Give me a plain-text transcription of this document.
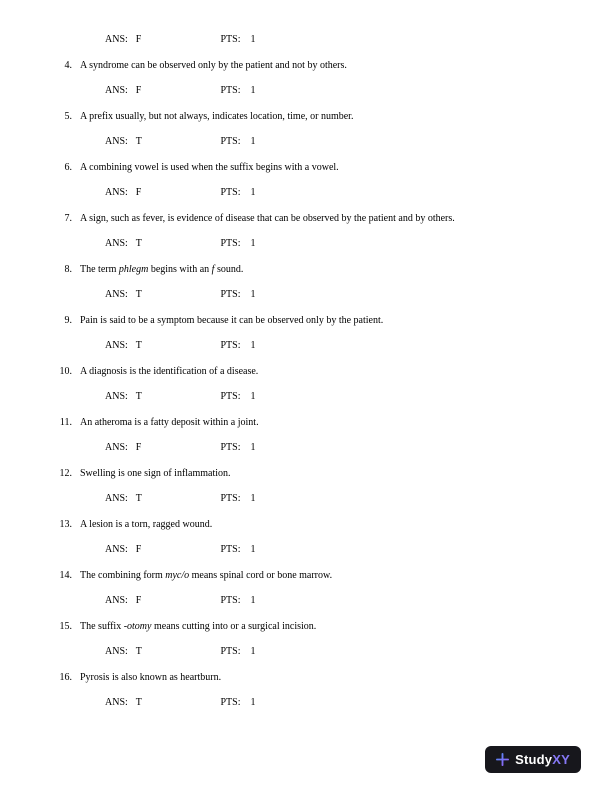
ANS: F	PTS: 1
4. A syndrome can be observed only by the patient and not by others.
ANS: F	PTS: 1
5. A prefix usually, but not always, indicates location, time, or number.
ANS: T	PTS: 1
6. A combining vowel is used when the suffix begins with a vowel.
ANS: F	PTS: 1
7. A sign, such as fever, is evidence of disease that can be observed by the patient and by others.
ANS: T	PTS: 1
8. The term phlegm begins with an f sound.
ANS: T	PTS: 1
9. Pain is said to be a symptom because it can be observed only by the patient.
ANS: T	PTS: 1
10. A diagnosis is the identification of a disease.
ANS: T	PTS: 1
11. An atheroma is a fatty deposit within a joint.
ANS: F	PTS: 1
12. Swelling is one sign of inflammation.
ANS: T	PTS: 1
13. A lesion is a torn, ragged wound.
ANS: F	PTS: 1
14. The combining form myc/o means spinal cord or bone marrow.
ANS: F	PTS: 1
15. The suffix -otomy means cutting into or a surgical incision.
ANS: T	PTS: 1
16. Pyrosis is also known as heartburn.
ANS: T	PTS: 1
StudyXY
